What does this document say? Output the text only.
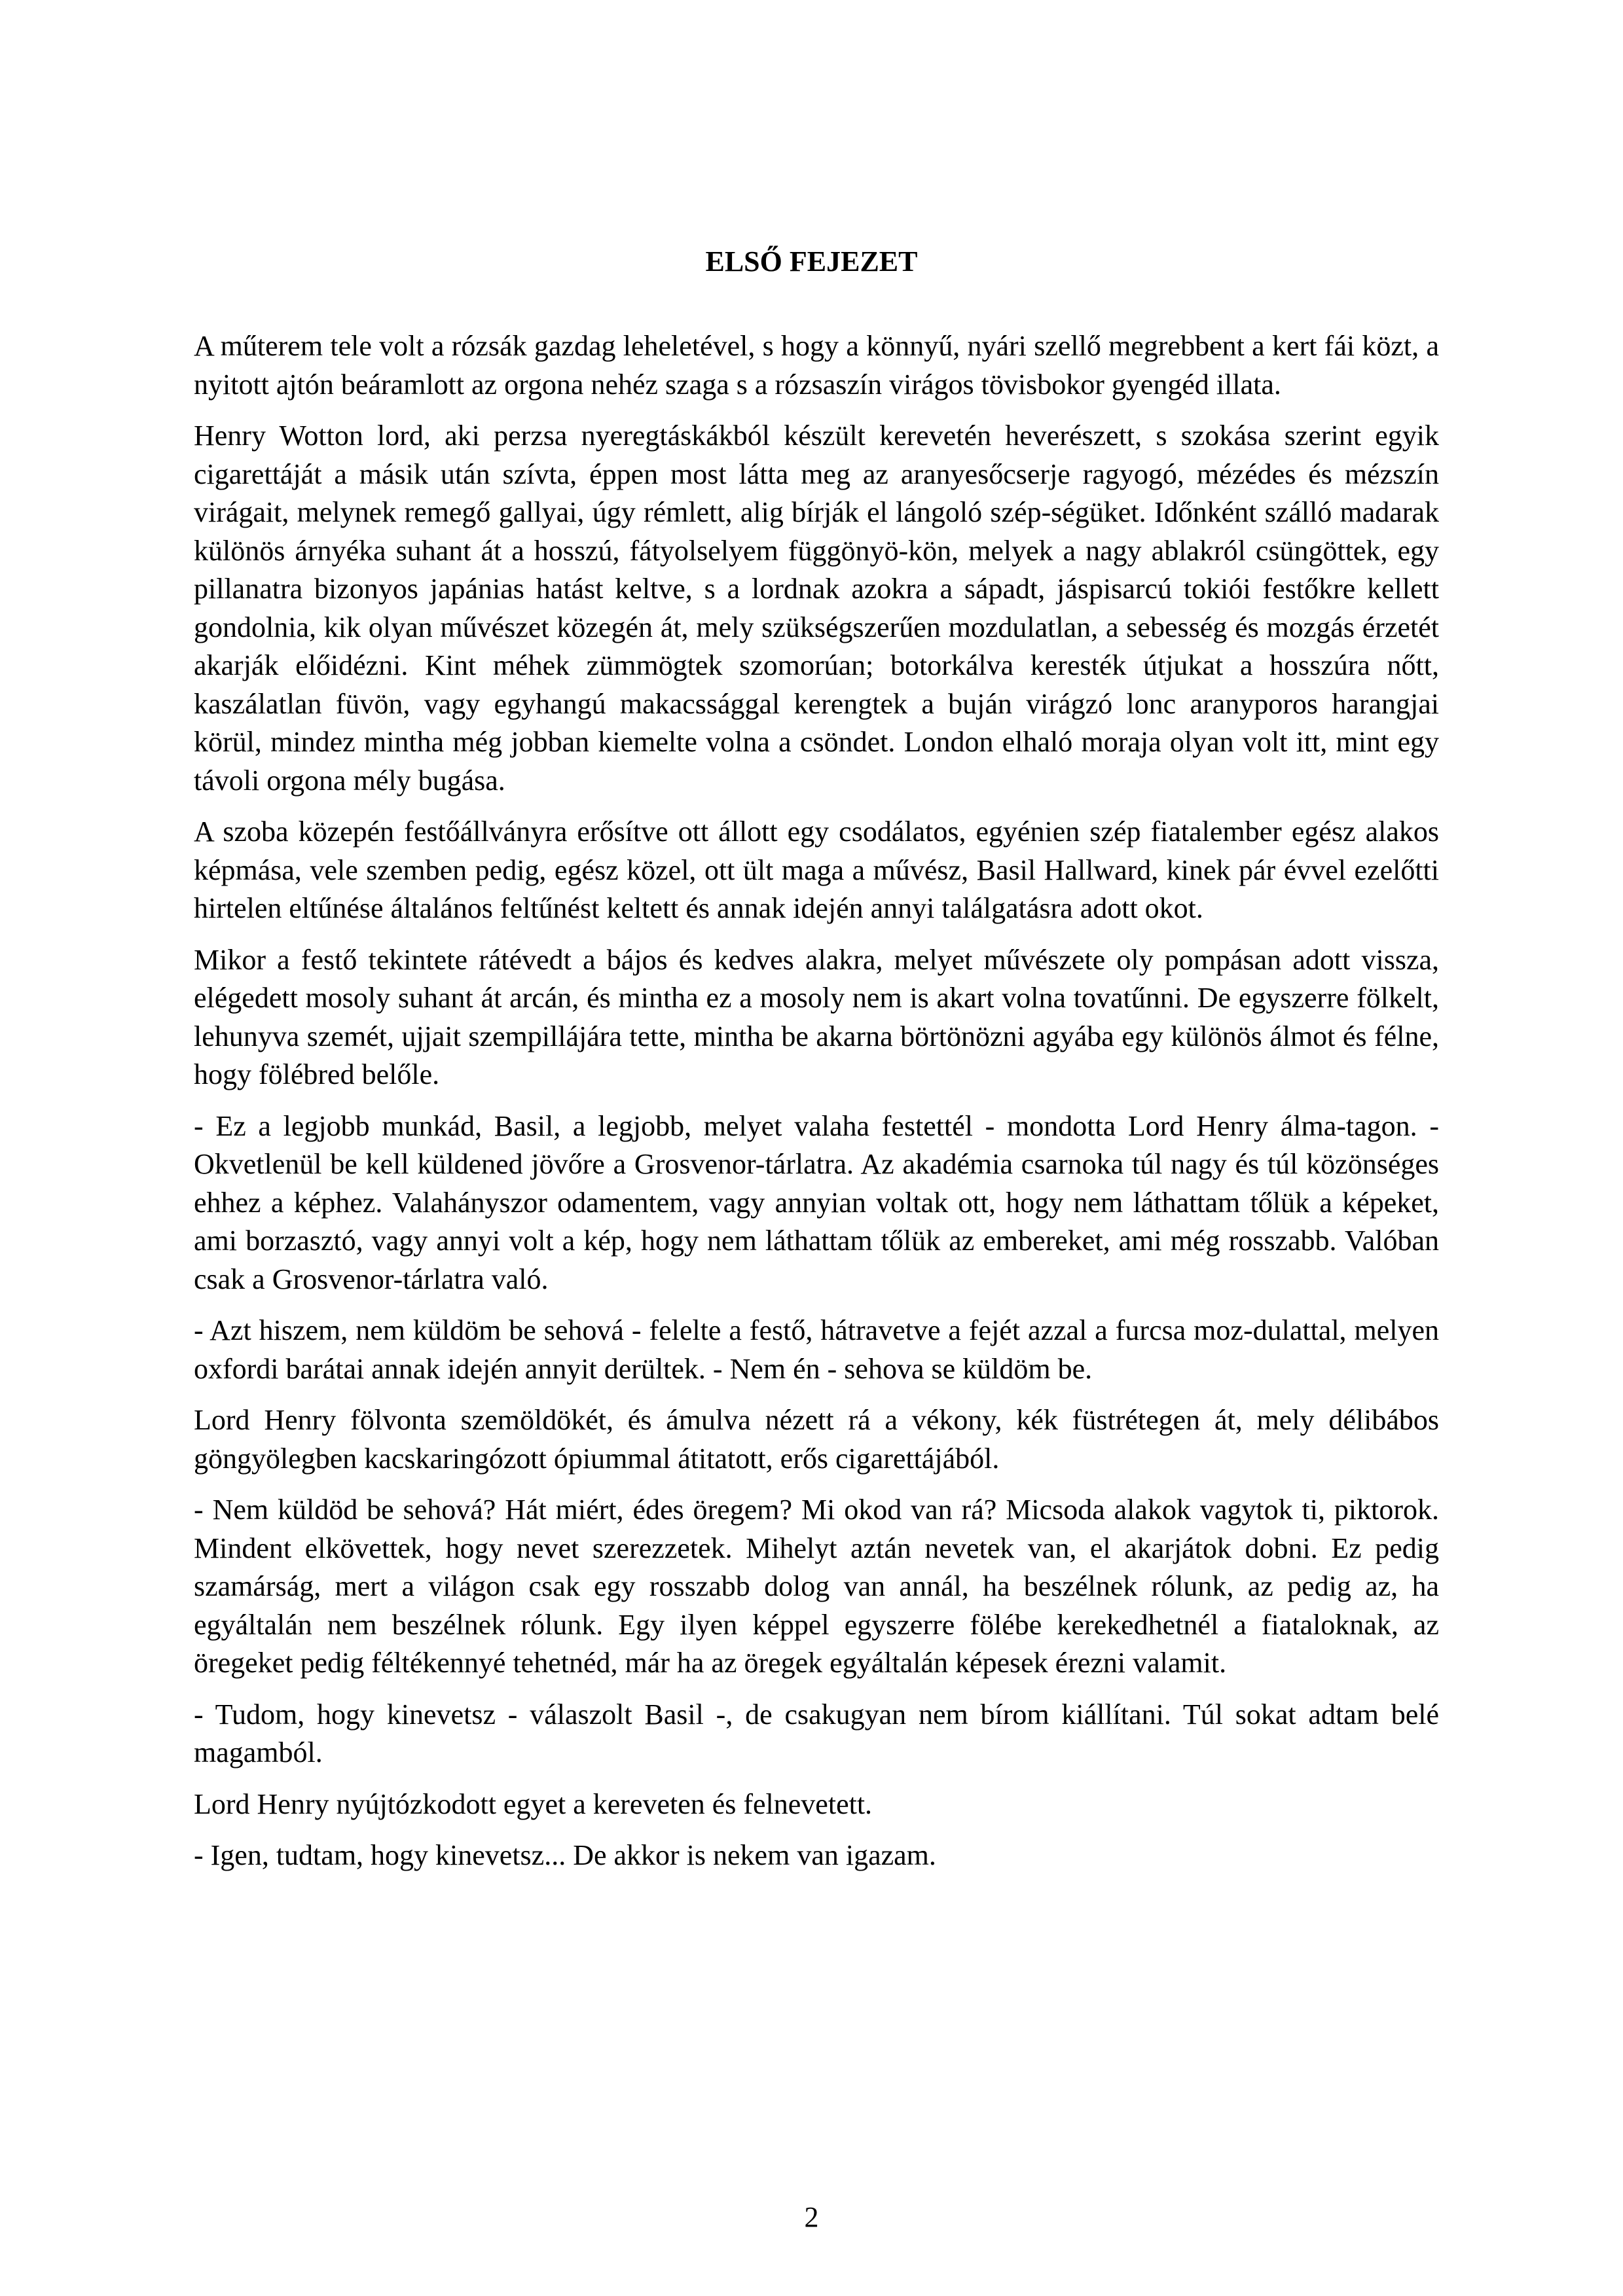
ELSŐ FEJEZET

A műterem tele volt a rózsák gazdag leheletével, s hogy a könnyű, nyári szellő megrebbent a kert fái közt, a nyitott ajtón beáramlott az orgona nehéz szaga s a rózsaszín virágos tövisbokor gyengéd illata.

Henry Wotton lord, aki perzsa nyeregtáskákból készült kerevetén heverészett, s szokása szerint egyik cigarettáját a másik után szívta, éppen most látta meg az aranyesőcserje ragyogó, mézédes és mézszín virágait, melynek remegő gallyai, úgy rémlett, alig bírják el lángoló szép-ségüket. Időnként szálló madarak különös árnyéka suhant át a hosszú, fátyolselyem függönyö-kön, melyek a nagy ablakról csüngöttek, egy pillanatra bizonyos japánias hatást keltve, s a lordnak azokra a sápadt, jáspisarcú tokiói festőkre kellett gondolnia, kik olyan művészet közegén át, mely szükségszerűen mozdulatlan, a sebesség és mozgás érzetét akarják előidézni. Kint méhek zümmögtek szomorúan; botorkálva keresték útjukat a hosszúra nőtt, kaszálatlan füvön, vagy egyhangú makacssággal kerengtek a buján virágzó lonc aranyporos harangjai körül, mindez mintha még jobban kiemelte volna a csöndet. London elhaló moraja olyan volt itt, mint egy távoli orgona mély bugása.

A szoba közepén festőállványra erősítve ott állott egy csodálatos, egyénien szép fiatalember egész alakos képmása, vele szemben pedig, egész közel, ott ült maga a művész, Basil Hallward, kinek pár évvel ezelőtti hirtelen eltűnése általános feltűnést keltett és annak idején annyi találgatásra adott okot.

Mikor a festő tekintete rátévedt a bájos és kedves alakra, melyet művészete oly pompásan adott vissza, elégedett mosoly suhant át arcán, és mintha ez a mosoly nem is akart volna tovatűnni. De egyszerre fölkelt, lehunyva szemét, ujjait szempillájára tette, mintha be akarna börtönözni agyába egy különös álmot és félne, hogy fölébred belőle.

- Ez a legjobb munkád, Basil, a legjobb, melyet valaha festettél - mondotta Lord Henry álma-tagon. - Okvetlenül be kell küldened jövőre a Grosvenor-tárlatra. Az akadémia csarnoka túl nagy és túl közönséges ehhez a képhez. Valahányszor odamentem, vagy annyian voltak ott, hogy nem láthattam tőlük a képeket, ami borzasztó, vagy annyi volt a kép, hogy nem láthattam tőlük az embereket, ami még rosszabb. Valóban csak a Grosvenor-tárlatra való.

- Azt hiszem, nem küldöm be sehová - felelte a festő, hátravetve a fejét azzal a furcsa moz-dulattal, melyen oxfordi barátai annak idején annyit derültek. - Nem én - sehova se küldöm be.

Lord Henry fölvonta szemöldökét, és ámulva nézett rá a vékony, kék füstrétegen át, mely délibábos göngyölegben kacskaringózott ópiummal átitatott, erős cigarettájából.

- Nem küldöd be sehová? Hát miért, édes öregem? Mi okod van rá? Micsoda alakok vagytok ti, piktorok. Mindent elkövettek, hogy nevet szerezzetek. Mihelyt aztán nevetek van, el akarjátok dobni. Ez pedig szamárság, mert a világon csak egy rosszabb dolog van annál, ha beszélnek rólunk, az pedig az, ha egyáltalán nem beszélnek rólunk. Egy ilyen képpel egyszerre fölébe kerekedhetnél a fiataloknak, az öregeket pedig féltékennyé tehetnéd, már ha az öregek egyáltalán képesek érezni valamit.

- Tudom, hogy kinevetsz - válaszolt Basil -, de csakugyan nem bírom kiállítani. Túl sokat adtam belé magamból.

Lord Henry nyújtózkodott egyet a kereveten és felnevetett.

- Igen, tudtam, hogy kinevetsz... De akkor is nekem van igazam.

2
